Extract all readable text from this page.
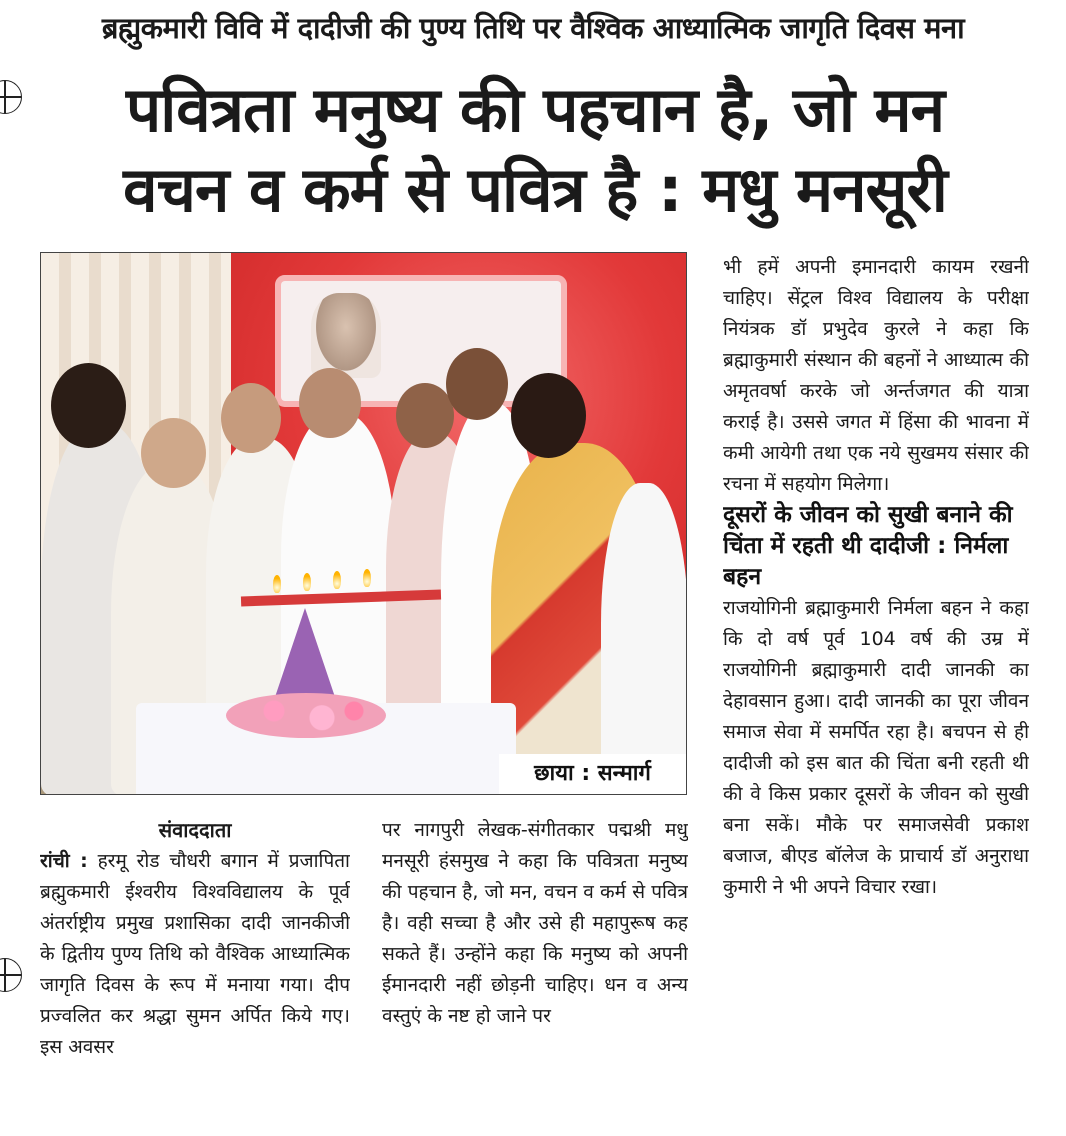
ब्रह्मुकमारी विवि में दादीजी की पुण्य तिथि पर वैश्विक आध्यात्मिक जागृति दिवस मना
पवित्रता मनुष्य की पहचान है, जो मन
वचन व कर्म से पवित्र है : मधु मनसूरी
छाया : सन्मार्ग
संवाददाता

रांची : हरमू रोड चौधरी बगान में प्रजापिता ब्रह्मुकमारी ईश्वरीय विश्वविद्यालय के पूर्व अंतर्राष्ट्रीय प्रमुख प्रशासिका दादी जानकीजी के द्वितीय पुण्य तिथि को वैश्विक आध्यात्मिक जागृति दिवस के रूप में मनाया गया। दीप प्रज्वलित कर श्रद्धा सुमन अर्पित किये गए। इस अवसर

पर नागपुरी लेखक-संगीतकार पद्मश्री मधु मनसूरी हंसमुख ने कहा कि पवित्रता मनुष्य की पहचान है, जो मन, वचन व कर्म से पवित्र है। वही सच्चा है और उसे ही महापुरूष कह सकते हैं। उन्होंने कहा कि मनुष्य को अपनी ईमानदारी नहीं छोड़नी चाहिए। धन व अन्य वस्तुएं के नष्ट हो जाने पर

भी हमें अपनी इमानदारी कायम रखनी चाहिए। सेंट्रल विश्व विद्यालय के परीक्षा नियंत्रक डॉ प्रभुदेव कुरले ने कहा कि ब्रह्माकुमारी संस्थान की बहनों ने आध्यात्म की अमृतवर्षा करके जो अर्न्तजगत की यात्रा कराई है। उससे जगत में हिंसा की भावना में कमी आयेगी तथा एक नये सुखमय संसार की रचना में सहयोग मिलेगा।

दूसरों के जीवन को सुखी बनाने की चिंता में रहती थी दादीजी : निर्मला बहन

राजयोगिनी ब्रह्माकुमारी निर्मला बहन ने कहा कि दो वर्ष पूर्व 104 वर्ष की उम्र में राजयोगिनी ब्रह्माकुमारी दादी जानकी का देहावसान हुआ। दादी जानकी का पूरा जीवन समाज सेवा में समर्पित रहा है। बचपन से ही दादीजी को इस बात की चिंता बनी रहती थी की वे किस प्रकार दूसरों के जीवन को सुखी बना सकें। मौके पर समाजसेवी प्रकाश बजाज, बीएड बॉलेज के प्राचार्य डॉ अनुराधा कुमारी ने भी अपने विचार रखा।
